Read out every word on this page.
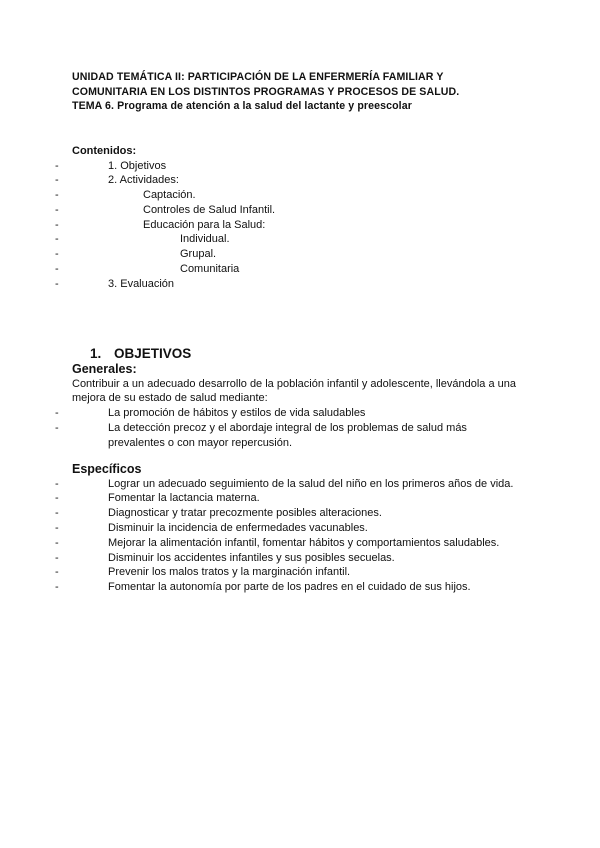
UNIDAD TEMÁTICA II: PARTICIPACIÓN DE LA ENFERMERÍA FAMILIAR Y
COMUNITARIA EN LOS DISTINTOS PROGRAMAS Y PROCESOS DE SALUD.
TEMA 6. Programa de atención a la salud del lactante y preescolar
Contenidos:
- 1. Objetivos
- 2. Actividades:
- Captación.
- Controles de Salud Infantil.
- Educación para la Salud:
- Individual.
- Grupal.
- Comunitaria
- 3. Evaluación
1. OBJETIVOS
Generales:
Contribuir a un adecuado desarrollo de la población infantil y adolescente, llevándola a una
mejora de su estado de salud mediante:
- La promoción de hábitos y estilos de vida saludables
- La detección precoz y el abordaje integral de los problemas de salud más
prevalentes o con mayor repercusión.
Específicos
- Lograr un adecuado seguimiento de la salud del niño en los primeros años de vida.
- Fomentar la lactancia materna.
- Diagnosticar y tratar precozmente posibles alteraciones.
- Disminuir la incidencia de enfermedades vacunables.
- Mejorar la alimentación infantil, fomentar hábitos y comportamientos saludables.
- Disminuir los accidentes infantiles y sus posibles secuelas.
- Prevenir los malos tratos y la marginación infantil.
- Fomentar la autonomía por parte de los padres en el cuidado de sus hijos.
